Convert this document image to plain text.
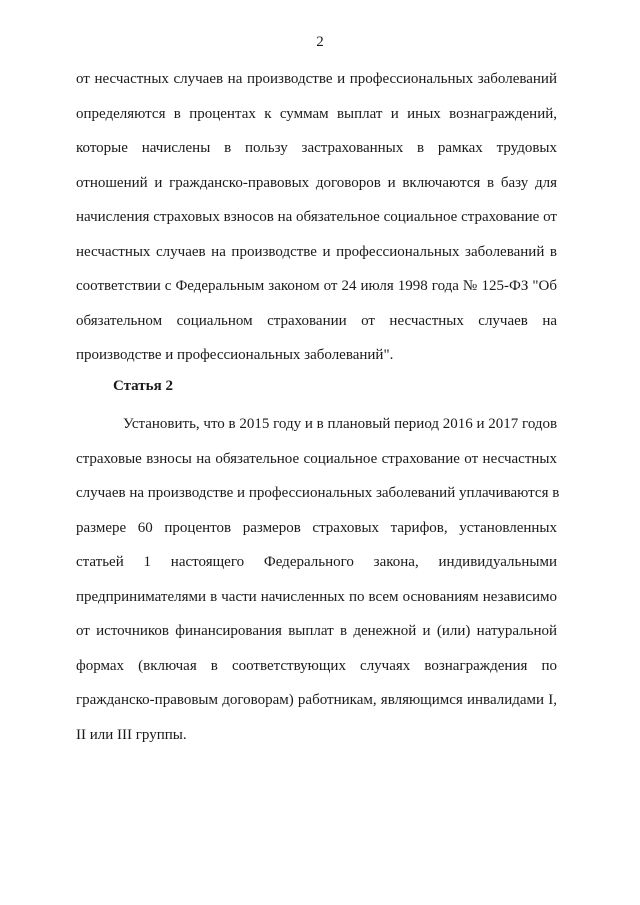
2
от несчастных случаев на производстве и профессиональных заболеваний
определяются в процентах к суммам выплат и иных вознаграждений,
которые начислены в пользу застрахованных в рамках трудовых
отношений и гражданско-правовых договоров и включаются в базу для
начисления страховых взносов на обязательное социальное страхование от
несчастных случаев на производстве и профессиональных заболеваний в
соответствии с Федеральным законом от 24 июля 1998 года № 125-ФЗ "Об
обязательном социальном страховании от несчастных случаев на
производстве и профессиональных заболеваний".
Статья 2
Установить, что в 2015 году и в плановый период 2016 и 2017 годов
страховые взносы на обязательное социальное страхование от несчастных
случаев на производстве и профессиональных заболеваний уплачиваются в
размере 60 процентов размеров страховых тарифов, установленных
статьей 1 настоящего Федерального закона, индивидуальными
предпринимателями в части начисленных по всем основаниям независимо
от источников финансирования выплат в денежной и (или) натуральной
формах (включая в соответствующих случаях вознаграждения по
гражданско-правовым договорам) работникам, являющимся инвалидами I,
II или III группы.
